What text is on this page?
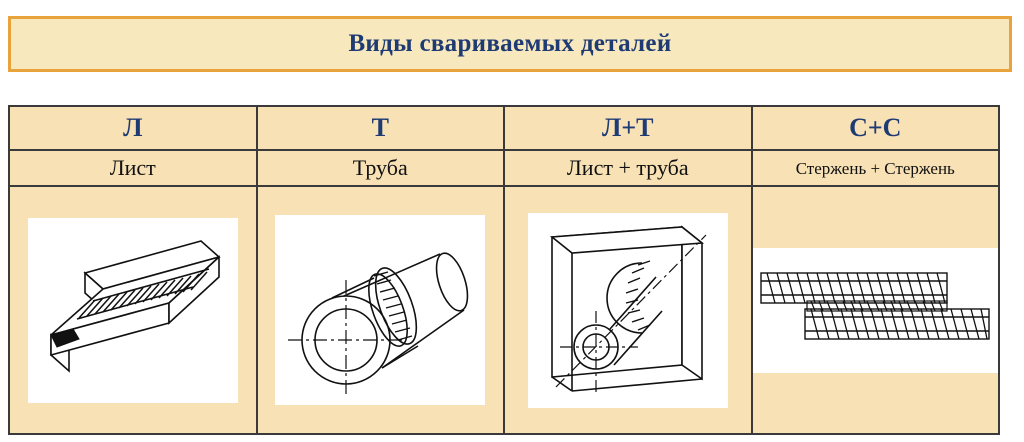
Виды свариваемых деталей
Л
Лист
Т
Труба
Л+Т
Лист + труба
С+С
Стержень + Стержень
